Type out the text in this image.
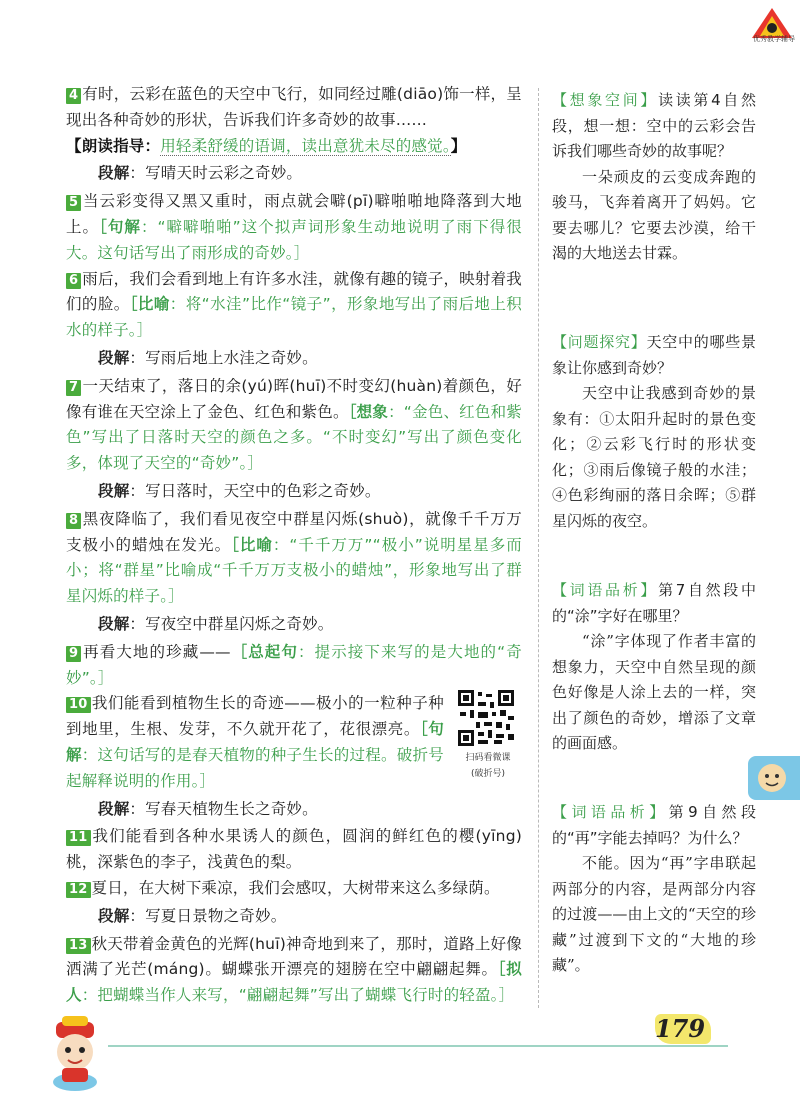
优秀教学辅导

4 有时，云彩在蓝色的天空中飞行，如同经过雕(diāo)饰一样，呈现出各种奇妙的形状，告诉我们许多奇妙的故事……

【朗读指导：用轻柔舒缓的语调，读出意犹未尽的感觉。】

段解：写晴天时云彩之奇妙。

5 当云彩变得又黑又重时，雨点就会噼(pī)噼啪啪地降落到大地上。［句解：“噼噼啪啪”这个拟声词形象生动地说明了雨下得很大。这句话写出了雨形成的奇妙。］

6 雨后，我们会看到地上有许多水洼，就像有趣的镜子，映射着我们的脸。［比喻：将“水洼”比作“镜子”，形象地写出了雨后地上积水的样子。］

段解：写雨后地上水洼之奇妙。

7 一天结束了，落日的余(yú)晖(huī)不时变幻(huàn)着颜色，好像有谁在天空涂上了金色、红色和紫色。［想象：“金色、红色和紫色”写出了日落时天空的颜色之多。“不时变幻”写出了颜色变化多，体现了天空的“奇妙”。］

段解：写日落时，天空中的色彩之奇妙。

8 黑夜降临了，我们看见夜空中群星闪烁(shuò)，就像千千万万支极小的蜡烛在发光。［比喻：“千千万万”“极小”说明星星多而小；将“群星”比喻成“千千万万支极小的蜡烛”，形象地写出了群星闪烁的样子。］

段解：写夜空中群星闪烁之奇妙。

9 再看大地的珍藏——［总起句：提示接下来写的是大地的“奇妙”。］

10 我们能看到植物生长的奇迹——极小的一粒种子种到地里，生根、发芽，不久就开花了，花很漂亮。［句解：这句话写的是春天植物的种子生长的过程。破折号起解释说明的作用。］

段解：写春天植物生长之奇妙。

11 我们能看到各种水果诱人的颜色，圆润的鲜红色的樱(yīng)桃，深紫色的李子，浅黄色的梨。

12 夏日，在大树下乘凉，我们会感叹，大树带来这么多绿荫。

段解：写夏日景物之奇妙。

13 秋天带着金黄色的光辉(huī)神奇地到来了，那时，道路上好像洒满了光芒(máng)。蝴蝶张开漂亮的翅膀在空中翩翩起舞。［拟人：把蝴蝶当作人来写，“翩翩起舞”写出了蝴蝶飞行时的轻盈。］

扫码看微课
(破折号)

【想象空间】读读第4自然段，想一想：空中的云彩会告诉我们哪些奇妙的故事呢？

一朵顽皮的云变成奔跑的骏马，飞奔着离开了妈妈。它要去哪儿？它要去沙漠，给干渴的大地送去甘霖。

【问题探究】天空中的哪些景象让你感到奇妙？

天空中让我感到奇妙的景象有：①太阳升起时的景色变化；②云彩飞行时的形状变化；③雨后像镜子般的水洼；④色彩绚丽的落日余晖；⑤群星闪烁的夜空。

【词语品析】第7自然段中的“涂”字好在哪里？

“涂”字体现了作者丰富的想象力，天空中自然呈现的颜色好像是人涂上去的一样，突出了颜色的奇妙，增添了文章的画面感。

【词语品析】第9自然段的“再”字能去掉吗？为什么？

不能。因为“再”字串联起两部分的内容，是两部分内容的过渡——由上文的“天空的珍藏”过渡到下文的“大地的珍藏”。

179
